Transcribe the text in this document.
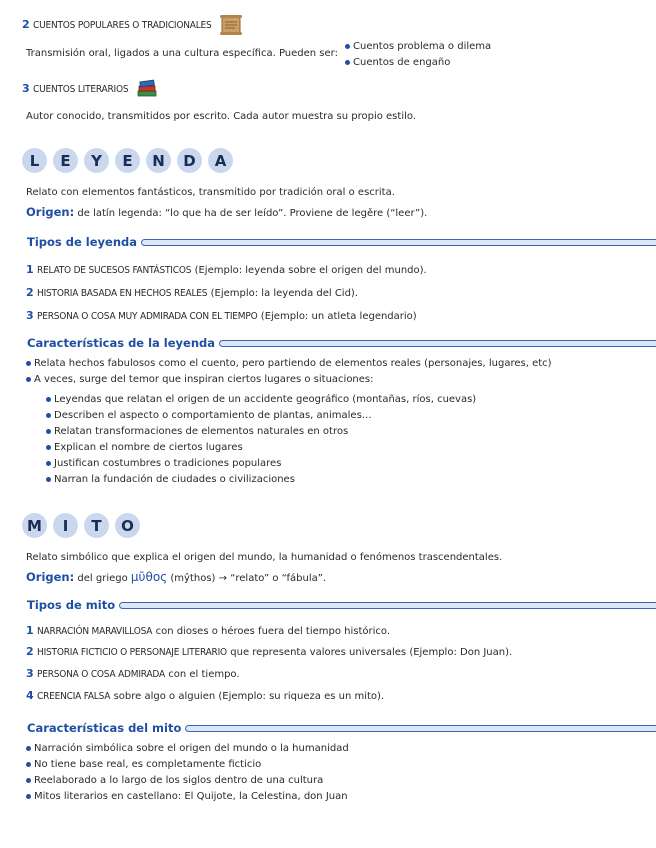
2 CUENTOS POPULARES O TRADICIONALES
Transmisión oral, ligados a una cultura específica. Pueden ser:
Cuentos problema o dilema
Cuentos de engaño
3 CUENTOS LITERARIOS
Autor conocido, transmitidos por escrito. Cada autor muestra su propio estilo.
L	E	Y	E	N	D	A
Relato con elementos fantásticos, transmitido por tradición oral o escrita.
Origen: de latín legenda: “lo que ha de ser leído”. Proviene de legěre (“leer”).
Tipos de leyenda
1 RELATO DE SUCESOS FANTÁSTICOS (Ejemplo: leyenda sobre el origen del mundo).
2 HISTORIA BASADA EN HECHOS REALES (Ejemplo: la leyenda del Cid).
3 PERSONA O COSA MUY ADMIRADA CON EL TIEMPO (Ejemplo: un atleta legendario)
Características de la leyenda
Relata hechos fabulosos como el cuento, pero partiendo de elementos reales (personajes, lugares, etc)
A veces, surge del temor que inspiran ciertos lugares o situaciones:
Leyendas que relatan el origen de un accidente geográfico (montañas, ríos, cuevas)
Describen el aspecto o comportamiento de plantas, animales…
Relatan transformaciones de elementos naturales en otros
Explican el nombre de ciertos lugares
Justifican costumbres o tradiciones populares
Narran la fundación de ciudades o civilizaciones
M	I	T	O
Relato simbólico que explica el origen del mundo, la humanidad o fenómenos trascendentales.
Origen: del griego μῦθος (mŷthos) → “relato” o “fábula”.
Tipos de mito
1 NARRACIÓN MARAVILLOSA con dioses o héroes fuera del tiempo histórico.
2 HISTORIA FICTICIO O PERSONAJE LITERARIO que representa valores universales (Ejemplo: Don Juan).
3 PERSONA O COSA ADMIRADA con el tiempo.
4 CREENCIA FALSA sobre algo o alguien (Ejemplo: su riqueza es un mito).
Características del mito
Narración simbólica sobre el origen del mundo o la humanidad
No tiene base real, es completamente ficticio
Reelaborado a lo largo de los siglos dentro de una cultura
Mitos literarios en castellano: El Quijote, la Celestina, don Juan
